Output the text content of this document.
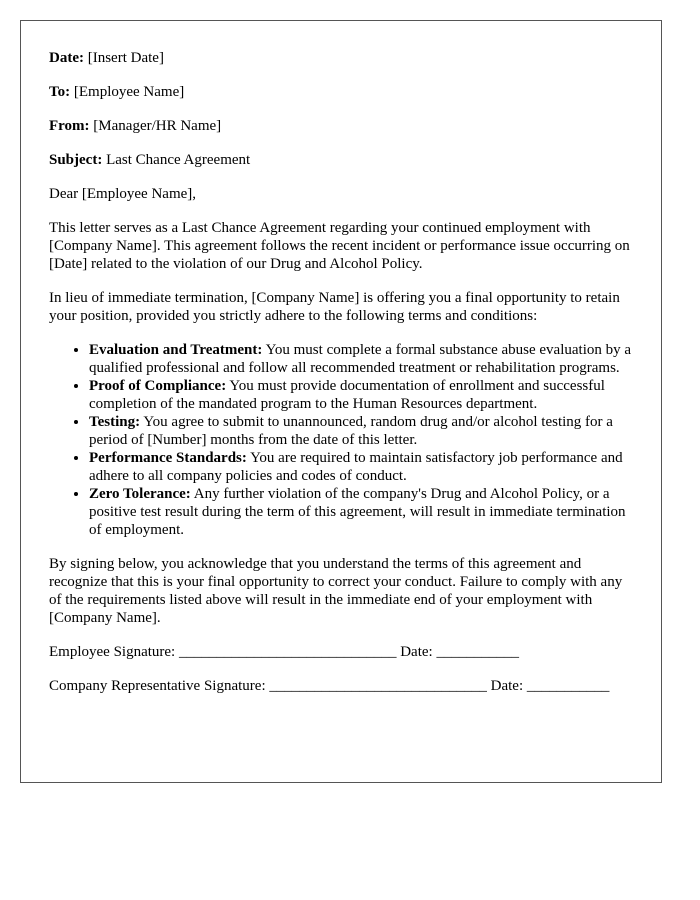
Date: [Insert Date]

To: [Employee Name]

From: [Manager/HR Name]

Subject: Last Chance Agreement

Dear [Employee Name],

This letter serves as a Last Chance Agreement regarding your continued employment with [Company Name]. This agreement follows the recent incident or performance issue occurring on [Date] related to the violation of our Drug and Alcohol Policy.

In lieu of immediate termination, [Company Name] is offering you a final opportunity to retain your position, provided you strictly adhere to the following terms and conditions:

• Evaluation and Treatment: You must complete a formal substance abuse evaluation by a qualified professional and follow all recommended treatment or rehabilitation programs.
• Proof of Compliance: You must provide documentation of enrollment and successful completion of the mandated program to the Human Resources department.
• Testing: You agree to submit to unannounced, random drug and/or alcohol testing for a period of [Number] months from the date of this letter.
• Performance Standards: You are required to maintain satisfactory job performance and adhere to all company policies and codes of conduct.
• Zero Tolerance: Any further violation of the company's Drug and Alcohol Policy, or a positive test result during the term of this agreement, will result in immediate termination of employment.

By signing below, you acknowledge that you understand the terms of this agreement and recognize that this is your final opportunity to correct your conduct. Failure to comply with any of the requirements listed above will result in the immediate end of your employment with [Company Name].

Employee Signature: _____________________________ Date: ___________

Company Representative Signature: _____________________________ Date: ___________
